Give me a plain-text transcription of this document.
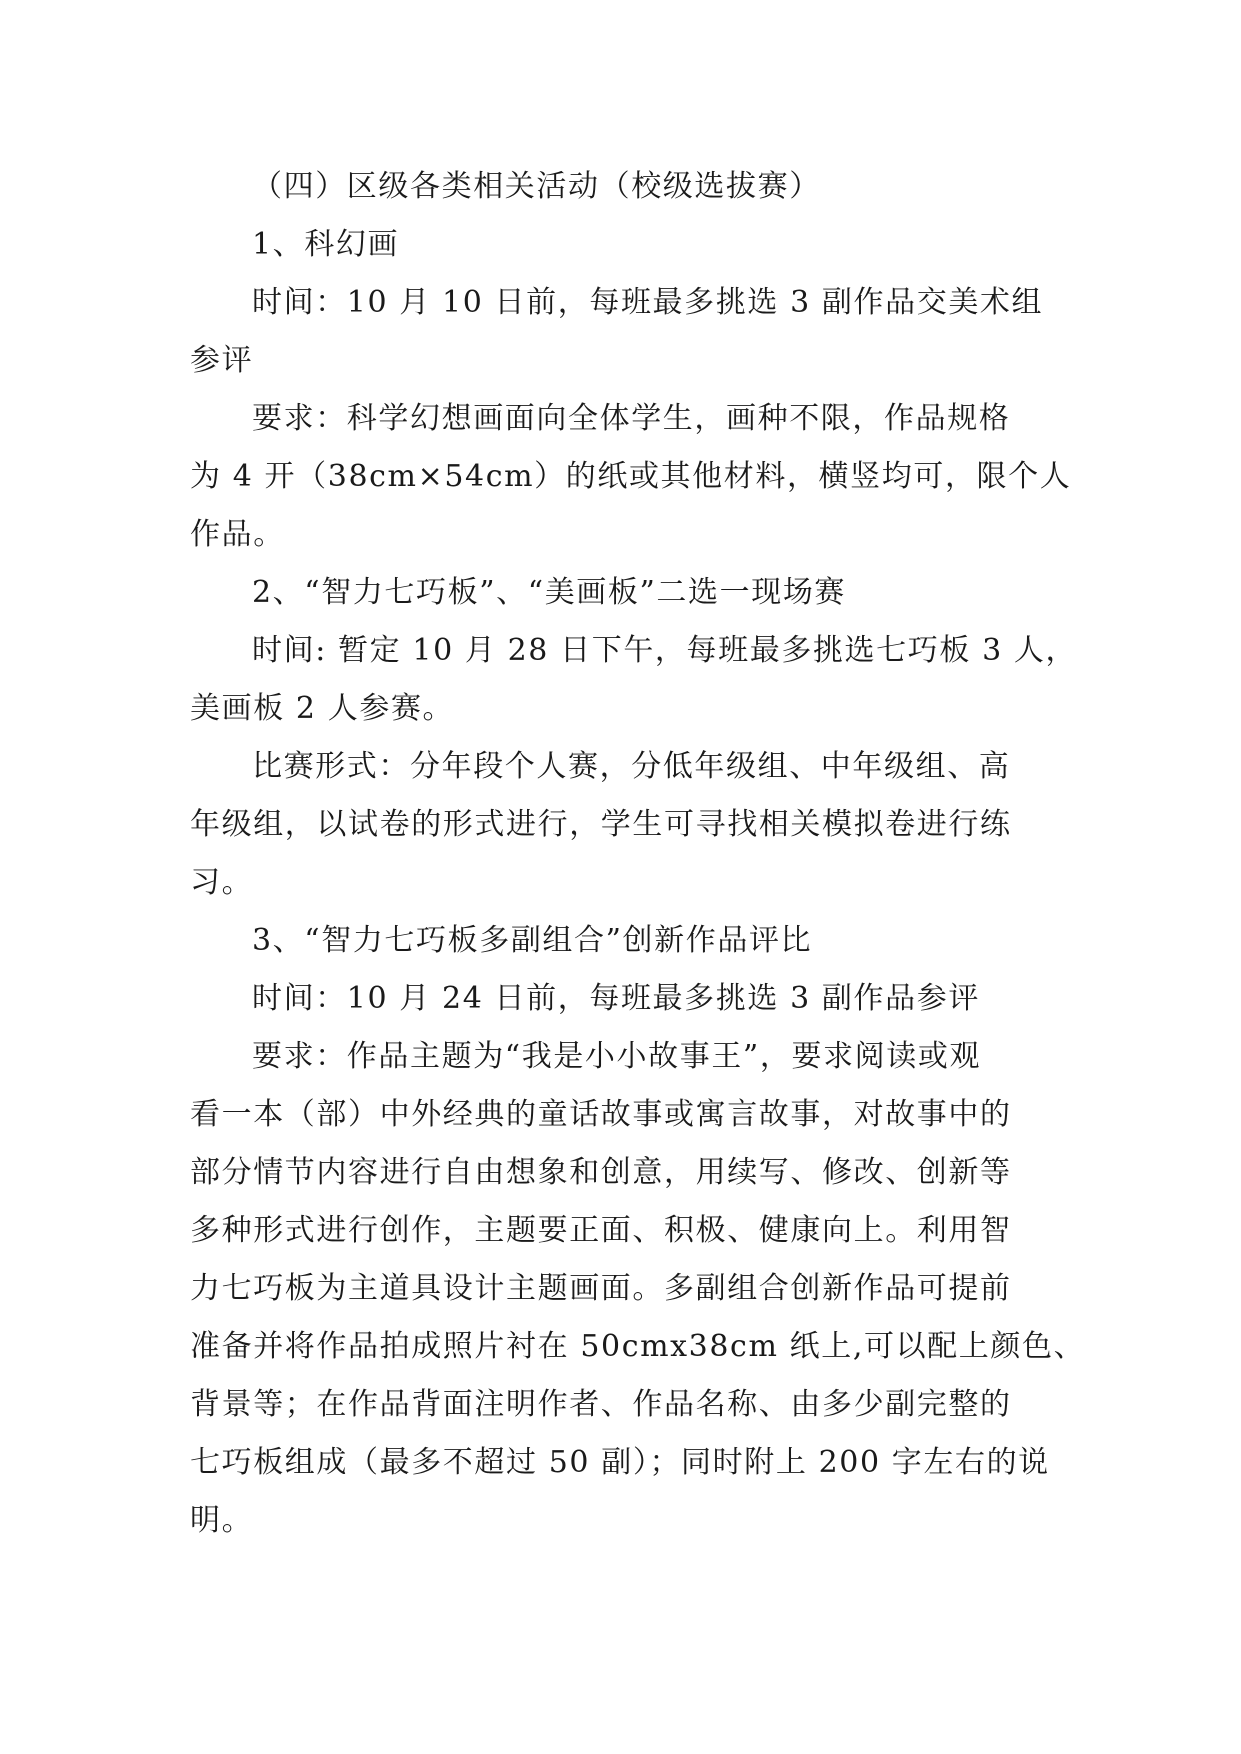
（四）区级各类相关活动（校级选拔赛）
1、科幻画
时间：10 月 10 日前，每班最多挑选 3 副作品交美术组
参评
要求：科学幻想画面向全体学生，画种不限，作品规格
为 4 开（38cm×54cm）的纸或其他材料，横竖均可，限个人
作品。
2、“智力七巧板”、“美画板”二选一现场赛
时间: 暂定 10 月 28 日下午，每班最多挑选七巧板 3 人，
美画板 2 人参赛。
比赛形式：分年段个人赛，分低年级组、中年级组、高
年级组，以试卷的形式进行，学生可寻找相关模拟卷进行练
习。
3、“智力七巧板多副组合”创新作品评比
时间：10 月 24 日前，每班最多挑选 3 副作品参评
要求：作品主题为“我是小小故事王”，要求阅读或观
看一本（部）中外经典的童话故事或寓言故事，对故事中的
部分情节内容进行自由想象和创意，用续写、修改、创新等
多种形式进行创作，主题要正面、积极、健康向上。利用智
力七巧板为主道具设计主题画面。多副组合创新作品可提前
准备并将作品拍成照片衬在 50cmx38cm 纸上,可以配上颜色、
背景等；在作品背面注明作者、作品名称、由多少副完整的
七巧板组成（最多不超过 50 副）；同时附上 200 字左右的说
明。
